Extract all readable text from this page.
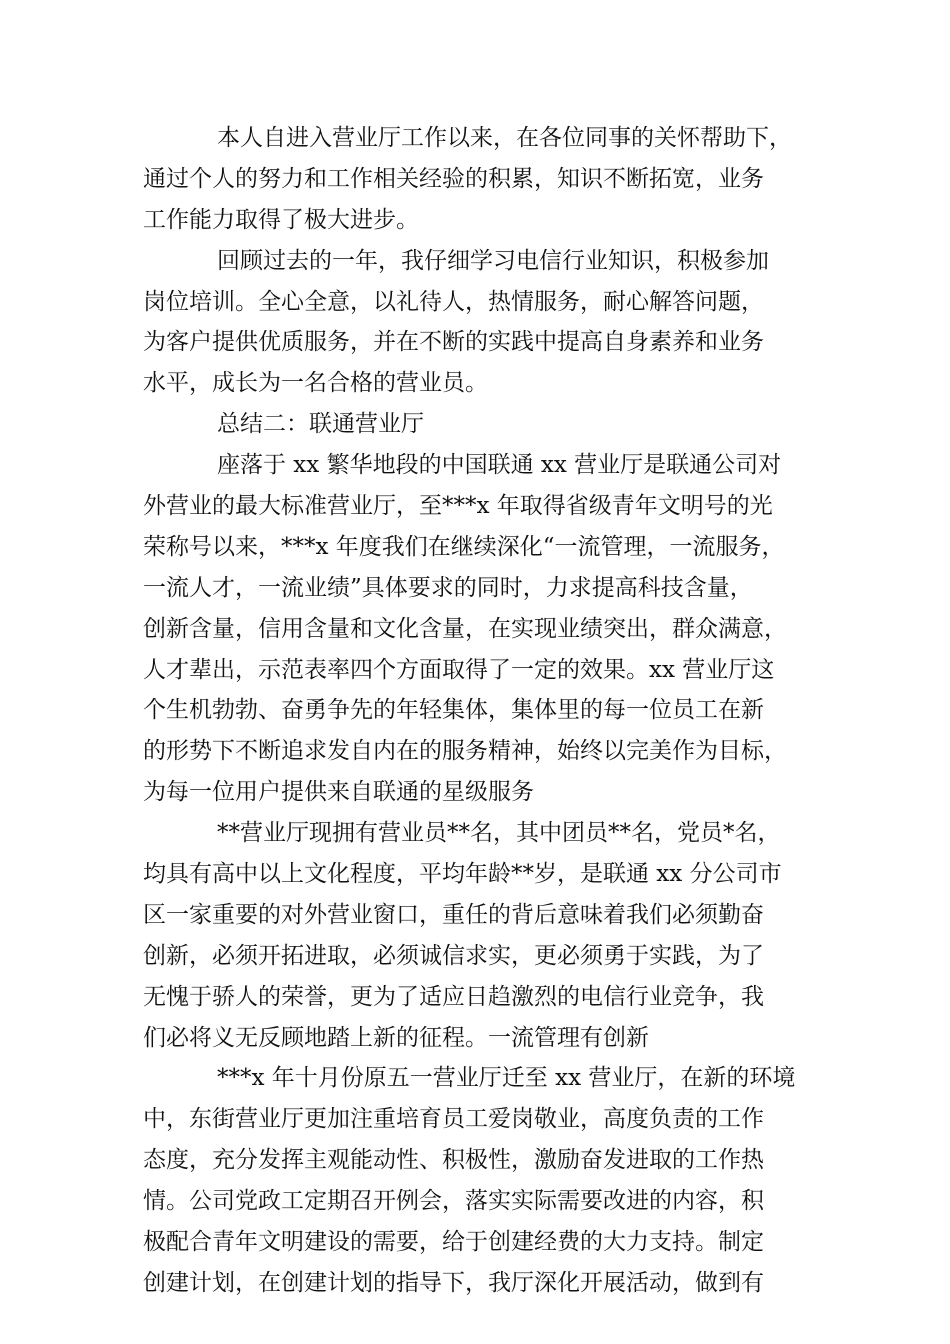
本人自进入营业厅工作以来，在各位同事的关怀帮助下，
通过个人的努力和工作相关经验的积累，知识不断拓宽，业务
工作能力取得了极大进步。
回顾过去的一年，我仔细学习电信行业知识，积极参加
岗位培训。全心全意，以礼待人，热情服务，耐心解答问题，
为客户提供优质服务，并在不断的实践中提高自身素养和业务
水平，成长为一名合格的营业员。
总结二：联通营业厅
座落于 xx 繁华地段的中国联通 xx 营业厅是联通公司对
外营业的最大标准营业厅，至***x 年取得省级青年文明号的光
荣称号以来，***x 年度我们在继续深化“一流管理，一流服务，
一流人才，一流业绩”具体要求的同时，力求提高科技含量，
创新含量，信用含量和文化含量，在实现业绩突出，群众满意，
人才辈出，示范表率四个方面取得了一定的效果。xx 营业厅这
个生机勃勃、奋勇争先的年轻集体，集体里的每一位员工在新
的形势下不断追求发自内在的服务精神，始终以完美作为目标，
为每一位用户提供来自联通的星级服务
**营业厅现拥有营业员**名，其中团员**名，党员*名，
均具有高中以上文化程度，平均年龄**岁，是联通 xx 分公司市
区一家重要的对外营业窗口，重任的背后意味着我们必须勤奋
创新，必须开拓进取，必须诚信求实，更必须勇于实践，为了
无愧于骄人的荣誉，更为了适应日趋激烈的电信行业竞争，我
们必将义无反顾地踏上新的征程。一流管理有创新
***x 年十月份原五一营业厅迁至 xx 营业厅，在新的环境
中，东街营业厅更加注重培育员工爱岗敬业，高度负责的工作
态度，充分发挥主观能动性、积极性，激励奋发进取的工作热
情。公司党政工定期召开例会，落实实际需要改进的内容，积
极配合青年文明建设的需要，给于创建经费的大力支持。制定
创建计划，在创建计划的指导下，我厅深化开展活动，做到有
